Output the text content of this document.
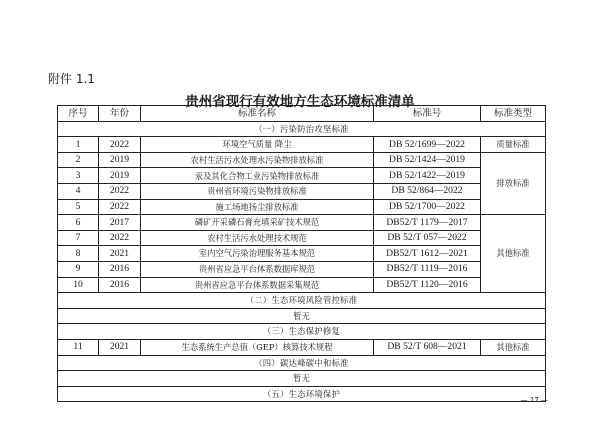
附件 1.1
贵州省现行有效地方生态环境标准清单
序号	年份	标准名称	标准号	标准类型
（一）污染防治攻坚标准				
1	2022	环境空气质量 降尘	DB 52/1699—2022	质量标准
2	2019	农村生活污水处理水污染物排放标准	DB 52/1424—2019	排放标准
3	2019	汞及其化合物工业污染物排放标准	DB 52/1422—2019	
4	2022	贵州省环境污染物排放标准	DB 52/864—2022	
5	2022	施工场地扬尘排放标准	DB 52/1700—2022	
6	2017	磷矿开采磷石膏充填采矿技术规范	DB52/T 1179—2017	其他标准
7	2022	农村生活污水处理技术规范	DB 52/T 057—2022	
8	2021	室内空气污染治理服务基本规范	DB52/T 1612—2021	
9	2016	贵州省应急平台体系数据库规范	DB52/T 1119—2016	
10	2016	贵州省应急平台体系数据采集规范	DB52/T 1120—2016	
（二）生态环境风险管控标准				
暂无				
（三）生态保护修复				
11	2021	生态系统生产总值（GEP）核算技术规程	DB 52/T 608—2021	其他标准
（四）碳达峰碳中和标准				
暂无				
（五）生态环境保护				
— 17 —
